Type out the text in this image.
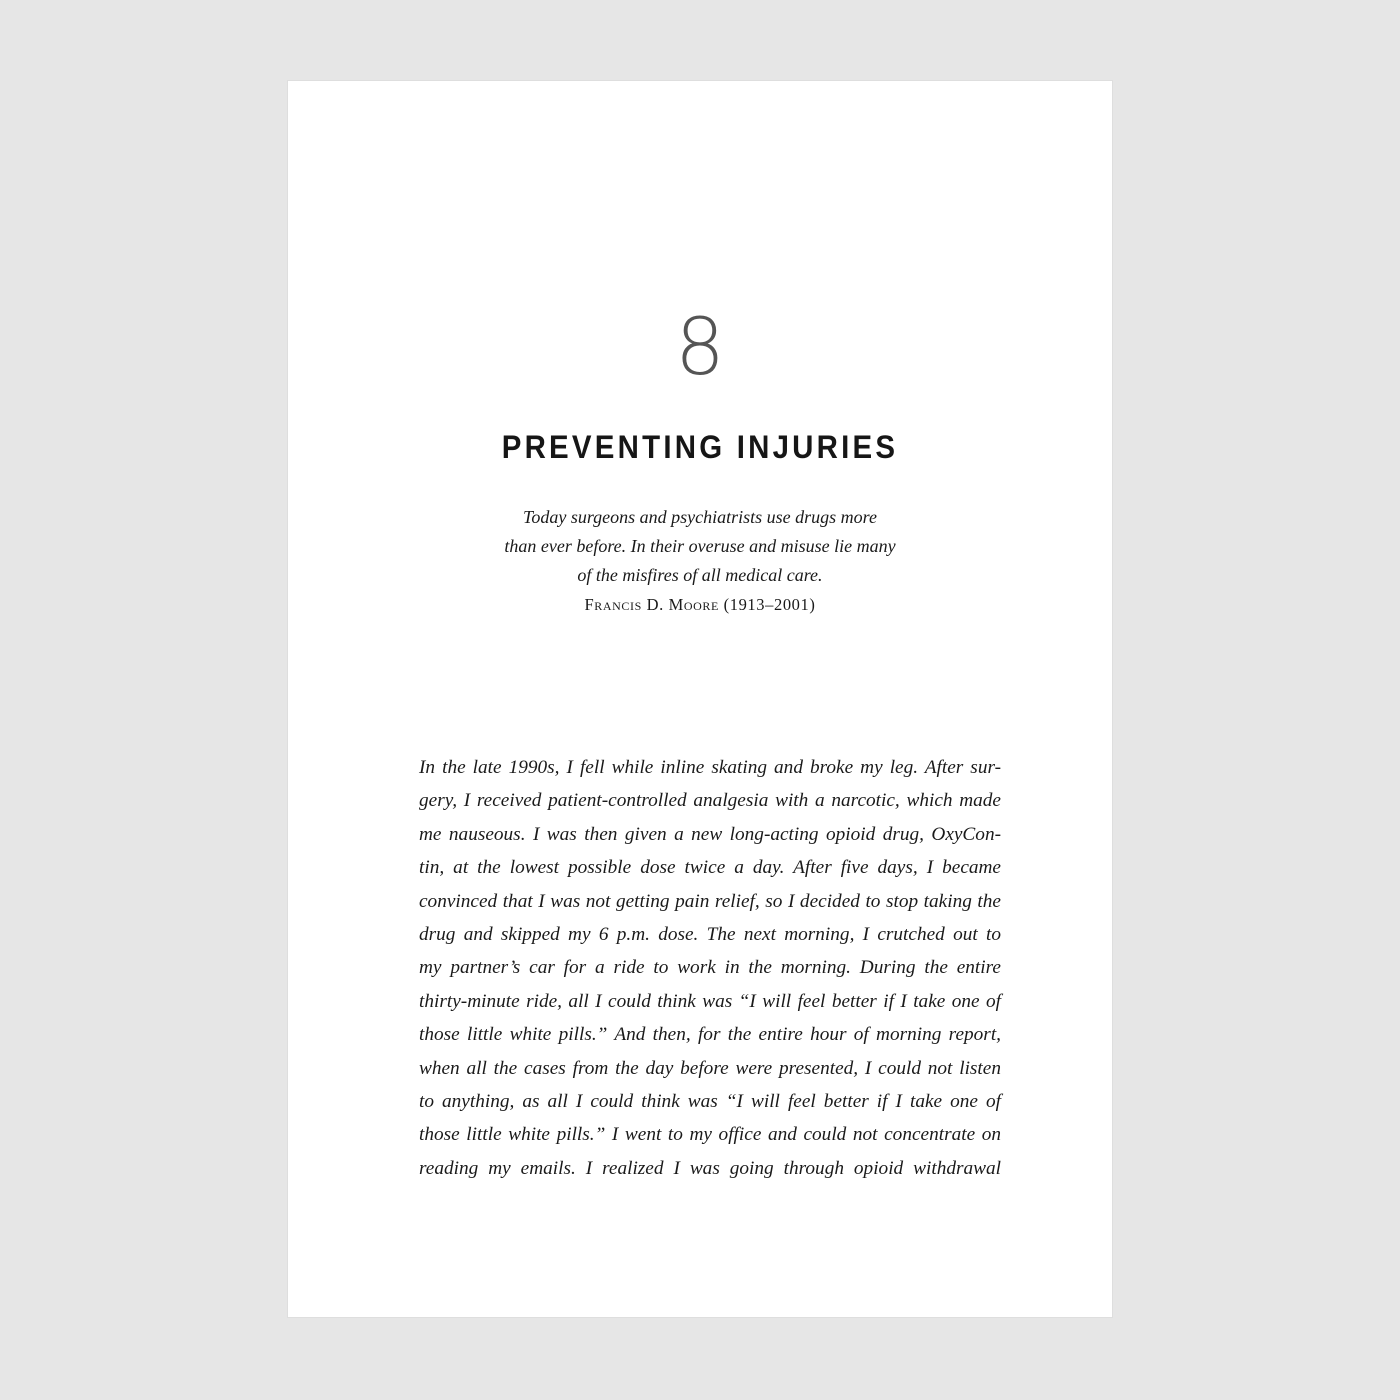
8
PREVENTING INJURIES
Today surgeons and psychiatrists use drugs more
than ever before. In their overuse and misuse lie many
of the misfires of all medical care.
Francis D. Moore (1913–2001)
In the late 1990s, I fell while inline skating and broke my leg. After sur-
gery, I received patient-controlled analgesia with a narcotic, which made
me nauseous. I was then given a new long-acting opioid drug, OxyCon-
tin, at the lowest possible dose twice a day. After five days, I became
convinced that I was not getting pain relief, so I decided to stop taking the
drug and skipped my 6 p.m. dose. The next morning, I crutched out to
my partner’s car for a ride to work in the morning. During the entire
thirty-minute ride, all I could think was “I will feel better if I take one of
those little white pills.” And then, for the entire hour of morning report,
when all the cases from the day before were presented, I could not listen
to anything, as all I could think was “I will feel better if I take one of
those little white pills.” I went to my office and could not concentrate on
reading my emails. I realized I was going through opioid withdrawal
